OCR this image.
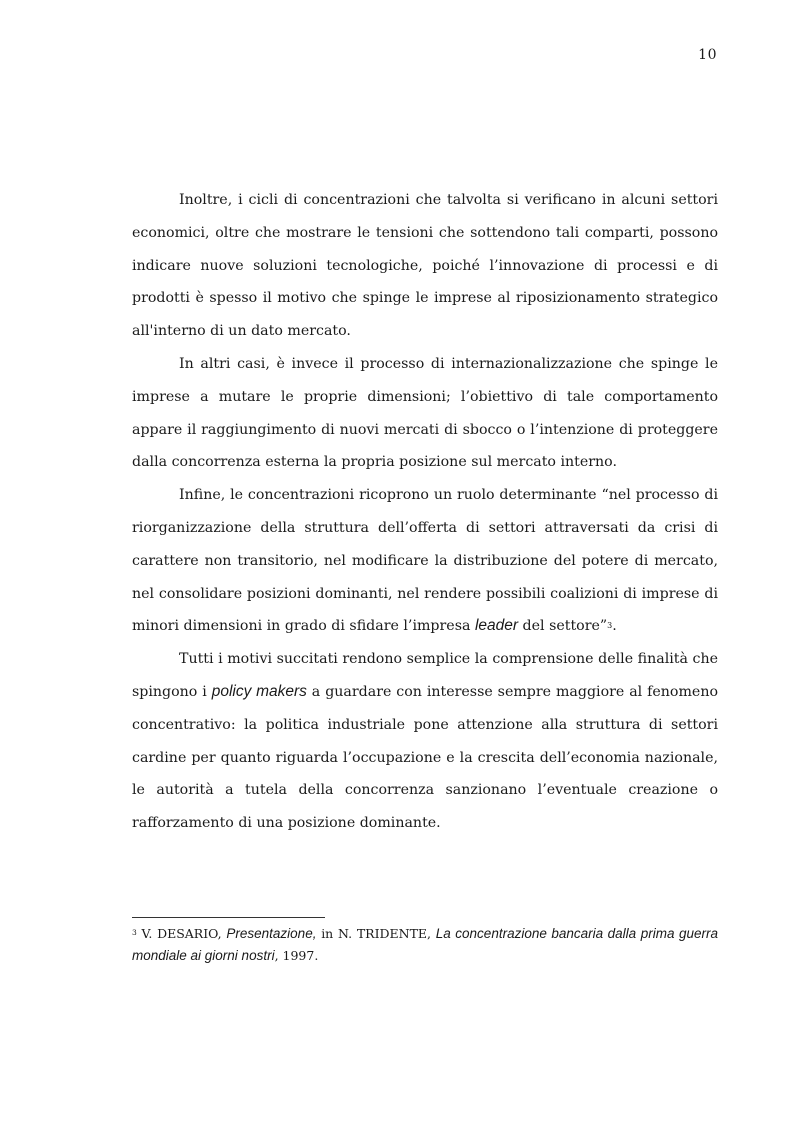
10

Inoltre, i cicli di concentrazioni che talvolta si verificano in alcuni settori economici, oltre che mostrare le tensioni che sottendono tali comparti, possono indicare nuove soluzioni tecnologiche, poiché l’innovazione di processi e di prodotti è spesso il motivo che spinge le imprese al riposizionamento strategico all'interno di un dato mercato.

In altri casi, è invece il processo di internazionalizzazione che spinge le imprese a mutare le proprie dimensioni; l’obiettivo di tale comportamento appare il raggiungimento di nuovi mercati di sbocco o l’intenzione di proteggere dalla concorrenza esterna la propria posizione sul mercato interno.

Infine, le concentrazioni ricoprono un ruolo determinante “nel processo di riorganizzazione della struttura dell’offerta di settori attraversati da crisi di carattere non transitorio, nel modificare la distribuzione del potere di mercato, nel consolidare posizioni dominanti, nel rendere possibili coalizioni di imprese di minori dimensioni in grado di sfidare l’impresa leader del settore”$^3$.

Tutti i motivi succitati rendono semplice la comprensione delle finalità che spingono i policy makers a guardare con interesse sempre maggiore al fenomeno concentrativo: la politica industriale pone attenzione alla struttura di settori cardine per quanto riguarda l’occupazione e la crescita dell’economia nazionale, le autorità a tutela della concorrenza sanzionano l’eventuale creazione o rafforzamento di una posizione dominante.

$^3$ V. DESARIO, Presentazione, in N. TRIDENTE, La concentrazione bancaria dalla prima guerra mondiale ai giorni nostri, 1997.
